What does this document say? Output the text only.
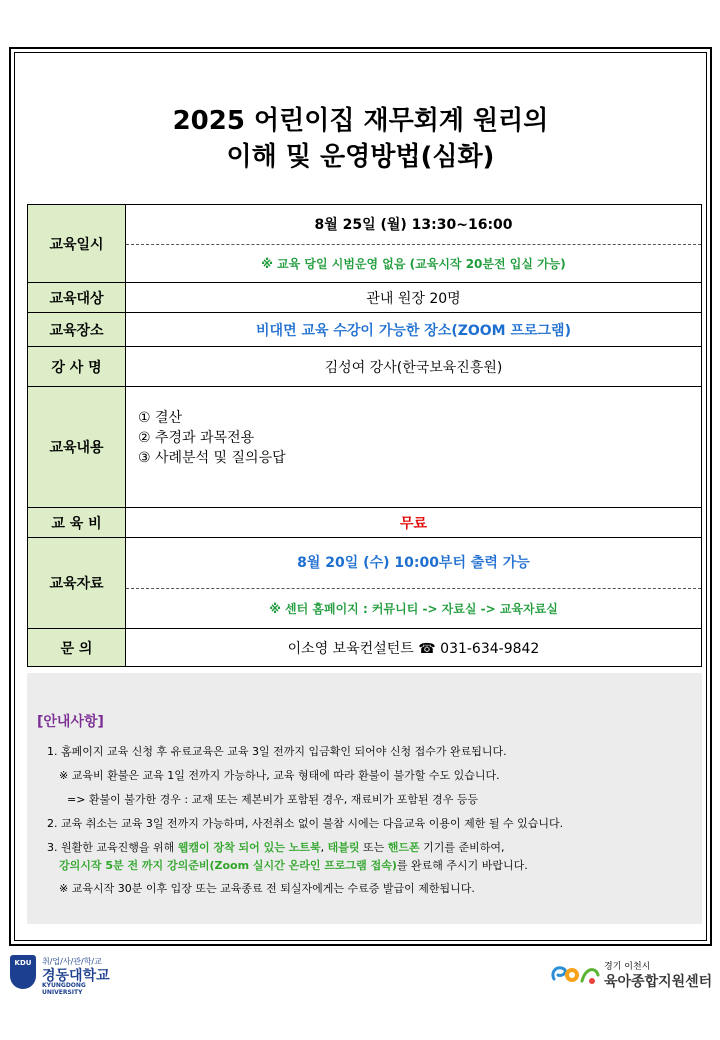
2025 어린이집 재무회계 원리의
이해 및 운영방법(심화)
교육일시	8월 25일 (월) 13:30~16:00
※ 교육 당일 시범운영 없음 (교육시작 20분전 입실 가능)

교육대상	관내 원장 20명
교육장소	비대면 교육 수강이 가능한 장소(ZOOM 프로그램)
강 사 명	김성여 강사(한국보육진흥원)
교육내용	① 결산
② 추경과 과목전용
③ 사례분석 및 질의응답

교 육 비	무료
교육자료	8월 20일 (수) 10:00부터 출력 가능
※ 센터 홈페이지 : 커뮤니티 -> 자료실 -> 교육자료실

문 의	이소영 보육컨설턴트 ☎ 031-634-9842
[안내사항]
1. 홈페이지 교육 신청 후 유료교육은 교육 3일 전까지 입금확인 되어야 신청 접수가 완료됩니다.
※ 교육비 환불은 교육 1일 전까지 가능하나, 교육 형태에 따라 환불이 불가할 수도 있습니다.
=> 환불이 불가한 경우 : 교재 또는 제본비가 포함된 경우, 재료비가 포함된 경우 등등
2. 교육 취소는 교육 3일 전까지 가능하며, 사전취소 없이 불참 시에는 다음교육 이용이 제한 될 수 있습니다.
3. 원활한 교육진행을 위해 웹캠이 장착 되어 있는 노트북, 태블릿 또는 핸드폰 기기를 준비하여,
강의시작 5분 전 까지 강의준비(Zoom 실시간 온라인 프로그램 접속)를 완료해 주시기 바랍니다.
※ 교육시작 30분 이후 입장 또는 교육종료 전 퇴실자에게는 수료증 발급이 제한됩니다.
KDU	취/업/사/관/학/교
경동대학교
KYUNGDONG UNIVERSITY
경기 이천시
육아종합지원센터
